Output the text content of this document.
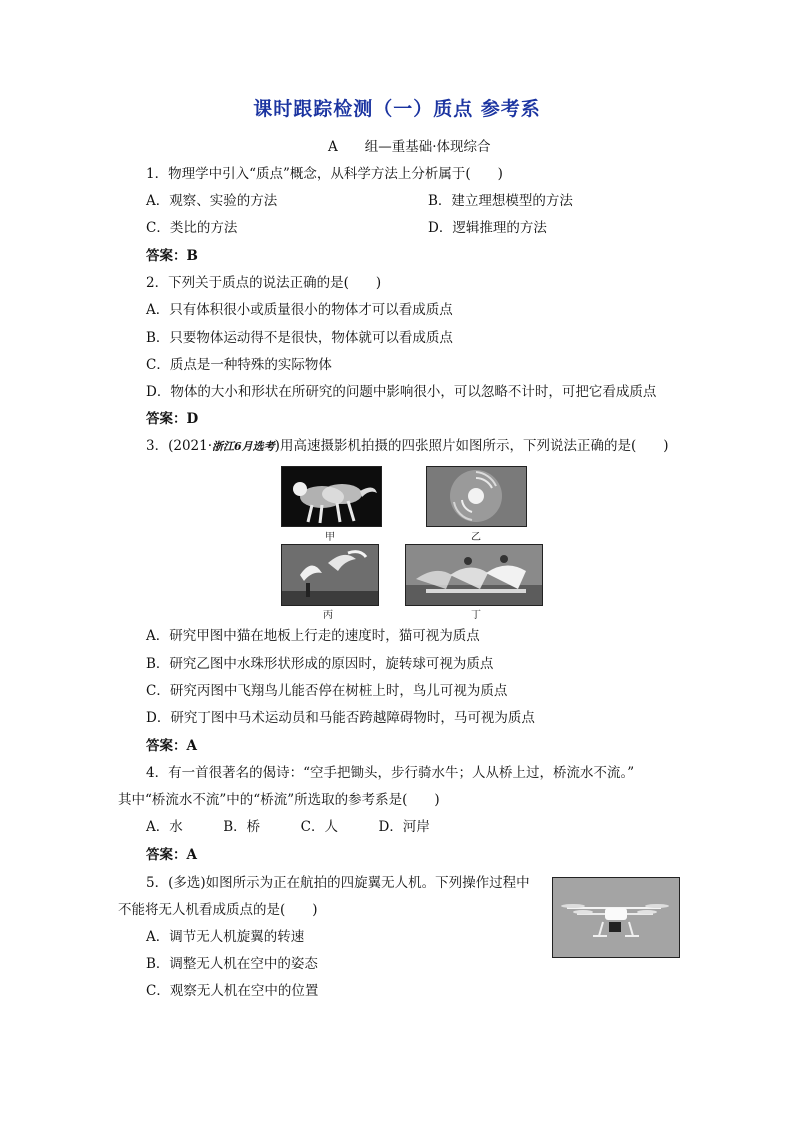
课时跟踪检测（一）质点 参考系
A　　组—重基础·体现综合
1．物理学中引入“质点”概念，从科学方法上分析属于(　　)
A．观察、实验的方法	B．建立理想模型的方法
C．类比的方法	D．逻辑推理的方法
答案：B
2．下列关于质点的说法正确的是(　　)
A．只有体积很小或质量很小的物体才可以看成质点
B．只要物体运动得不是很快，物体就可以看成质点
C．质点是一种特殊的实际物体
D．物体的大小和形状在所研究的问题中影响很小，可以忽略不计时，可把它看成质点
答案：D
3．(2021·浙江6月选考)用高速摄影机拍摄的四张照片如图所示，下列说法正确的是(　　)
甲	乙
丙	丁
A．研究甲图中猫在地板上行走的速度时，猫可视为质点
B．研究乙图中水珠形状形成的原因时，旋转球可视为质点
C．研究丙图中飞翔鸟儿能否停在树桩上时，鸟儿可视为质点
D．研究丁图中马术运动员和马能否跨越障碍物时，马可视为质点
答案：A
4．有一首很著名的偈诗：“空手把锄头，步行骑水牛；人从桥上过，桥流水不流。”
其中“桥流水不流”中的“桥流”所选取的参考系是(　　)
A．水　　　B．桥　　　C．人　　　D．河岸
答案：A
5．(多选)如图所示为正在航拍的四旋翼无人机。下列操作过程中
不能将无人机看成质点的是(　　)
A．调节无人机旋翼的转速
B．调整无人机在空中的姿态
C．观察无人机在空中的位置
